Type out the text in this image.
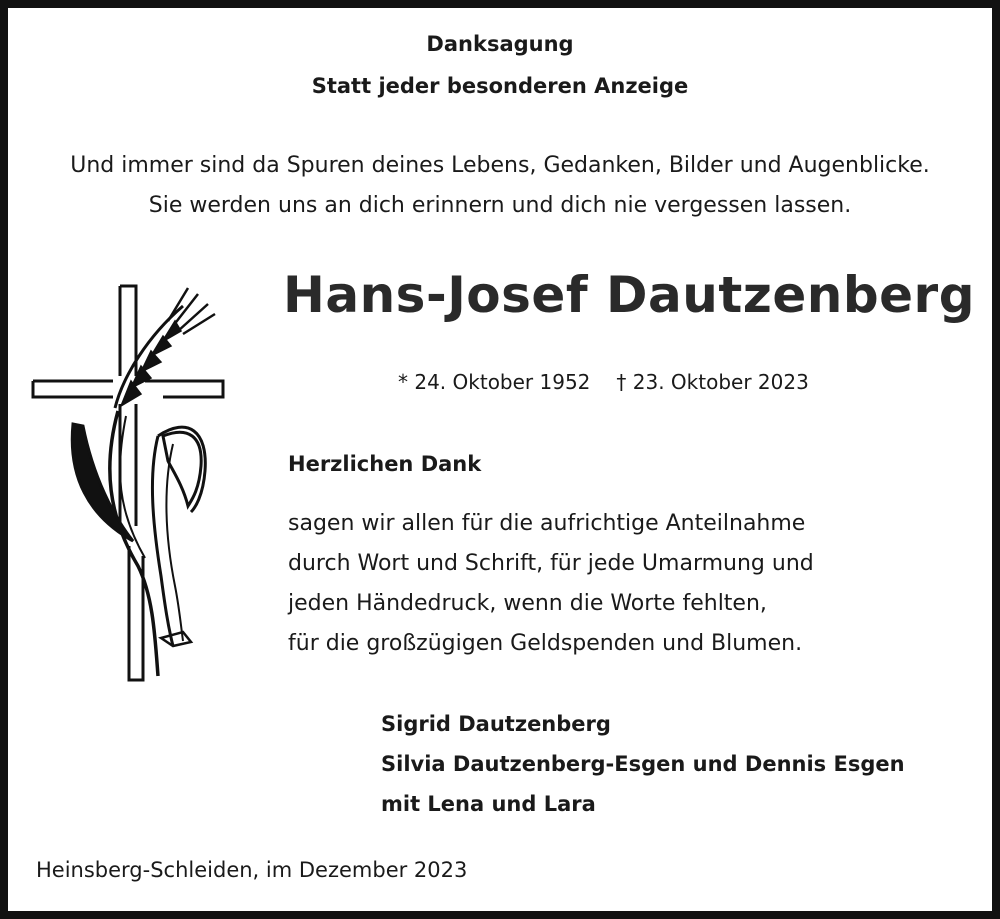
Danksagung
Statt jeder besonderen Anzeige
Und immer sind da Spuren deines Lebens, Gedanken, Bilder und Augenblicke.
Sie werden uns an dich erinnern und dich nie vergessen lassen.
Hans-Josef Dautzenberg
* 24. Oktober 1952 † 23. Oktober 2023
Herzlichen Dank
sagen wir allen für die aufrichtige Anteilnahme
durch Wort und Schrift, für jede Umarmung und
jeden Händedruck, wenn die Worte fehlten,
für die großzügigen Geldspenden und Blumen.
Sigrid Dautzenberg
Silvia Dautzenberg-Esgen und Dennis Esgen
mit Lena und Lara
Heinsberg-Schleiden, im Dezember 2023
